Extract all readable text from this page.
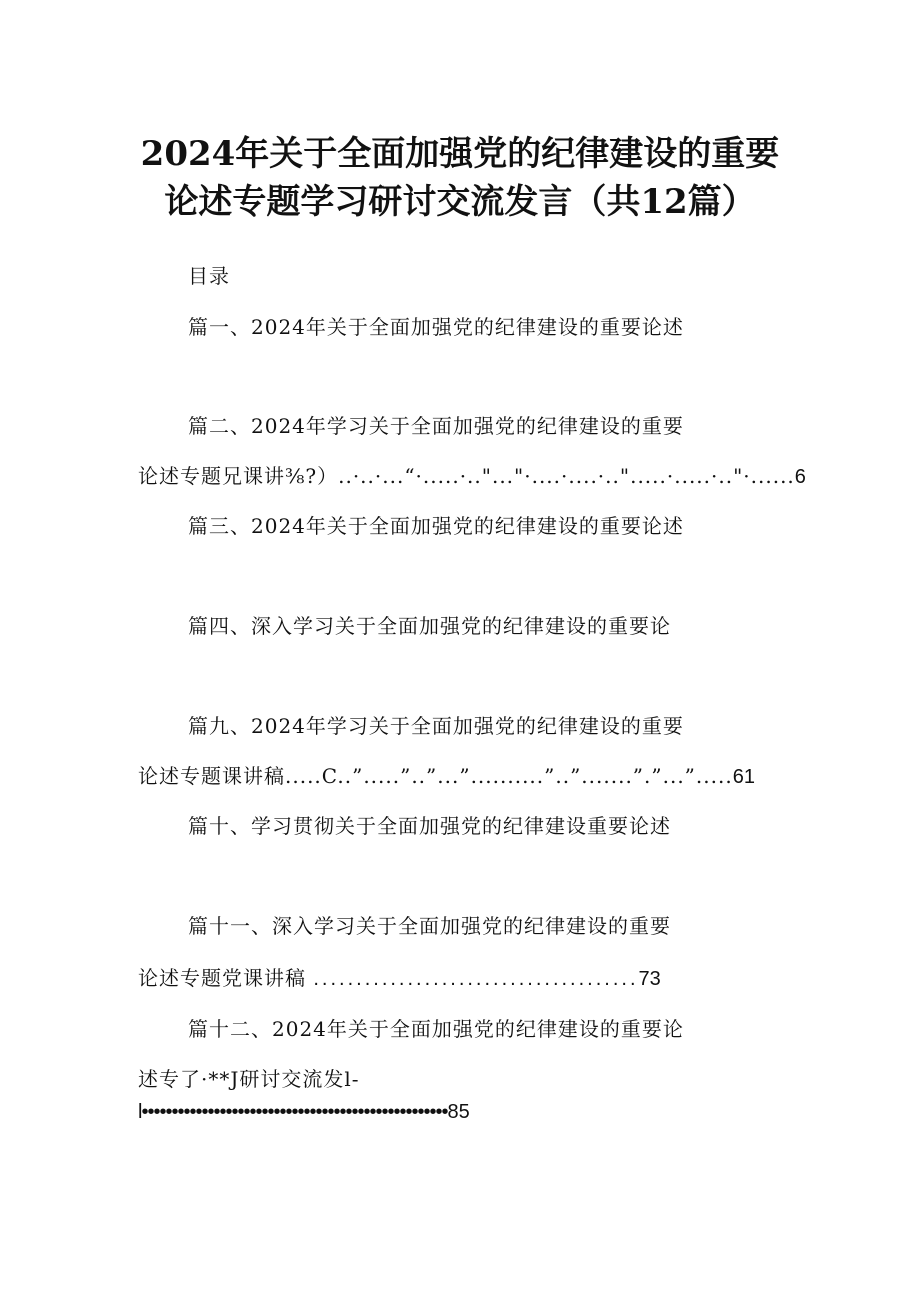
2024年关于全面加强党的纪律建设的重要
论述专题学习研讨交流发言（共12篇）
目录
篇一、2024年关于全面加强党的纪律建设的重要论述
篇二、2024年学习关于全面加强党的纪律建设的重要
论述专题兄课讲⅜?）..·..·...“·.....·.."..."·....·....·..".....·.....·.."·......6
篇三、2024年关于全面加强党的纪律建设的重要论述
篇四、深入学习关于全面加强党的纪律建设的重要论
篇九、2024年学习关于全面加强党的纪律建设的重要
论述专题课讲稿.....C..”.....”..”...”..........”..”.......”.”...”.....61
篇十、学习贯彻关于全面加强党的纪律建设重要论述
篇十一、深入学习关于全面加强党的纪律建设的重要
论述专题党课讲稿 ......................................73
篇十二、2024年关于全面加强党的纪律建设的重要论
述专了·**J研讨交流发l-
l•••••••••••••••••••••••••••••••••••••••••••••••••••85
